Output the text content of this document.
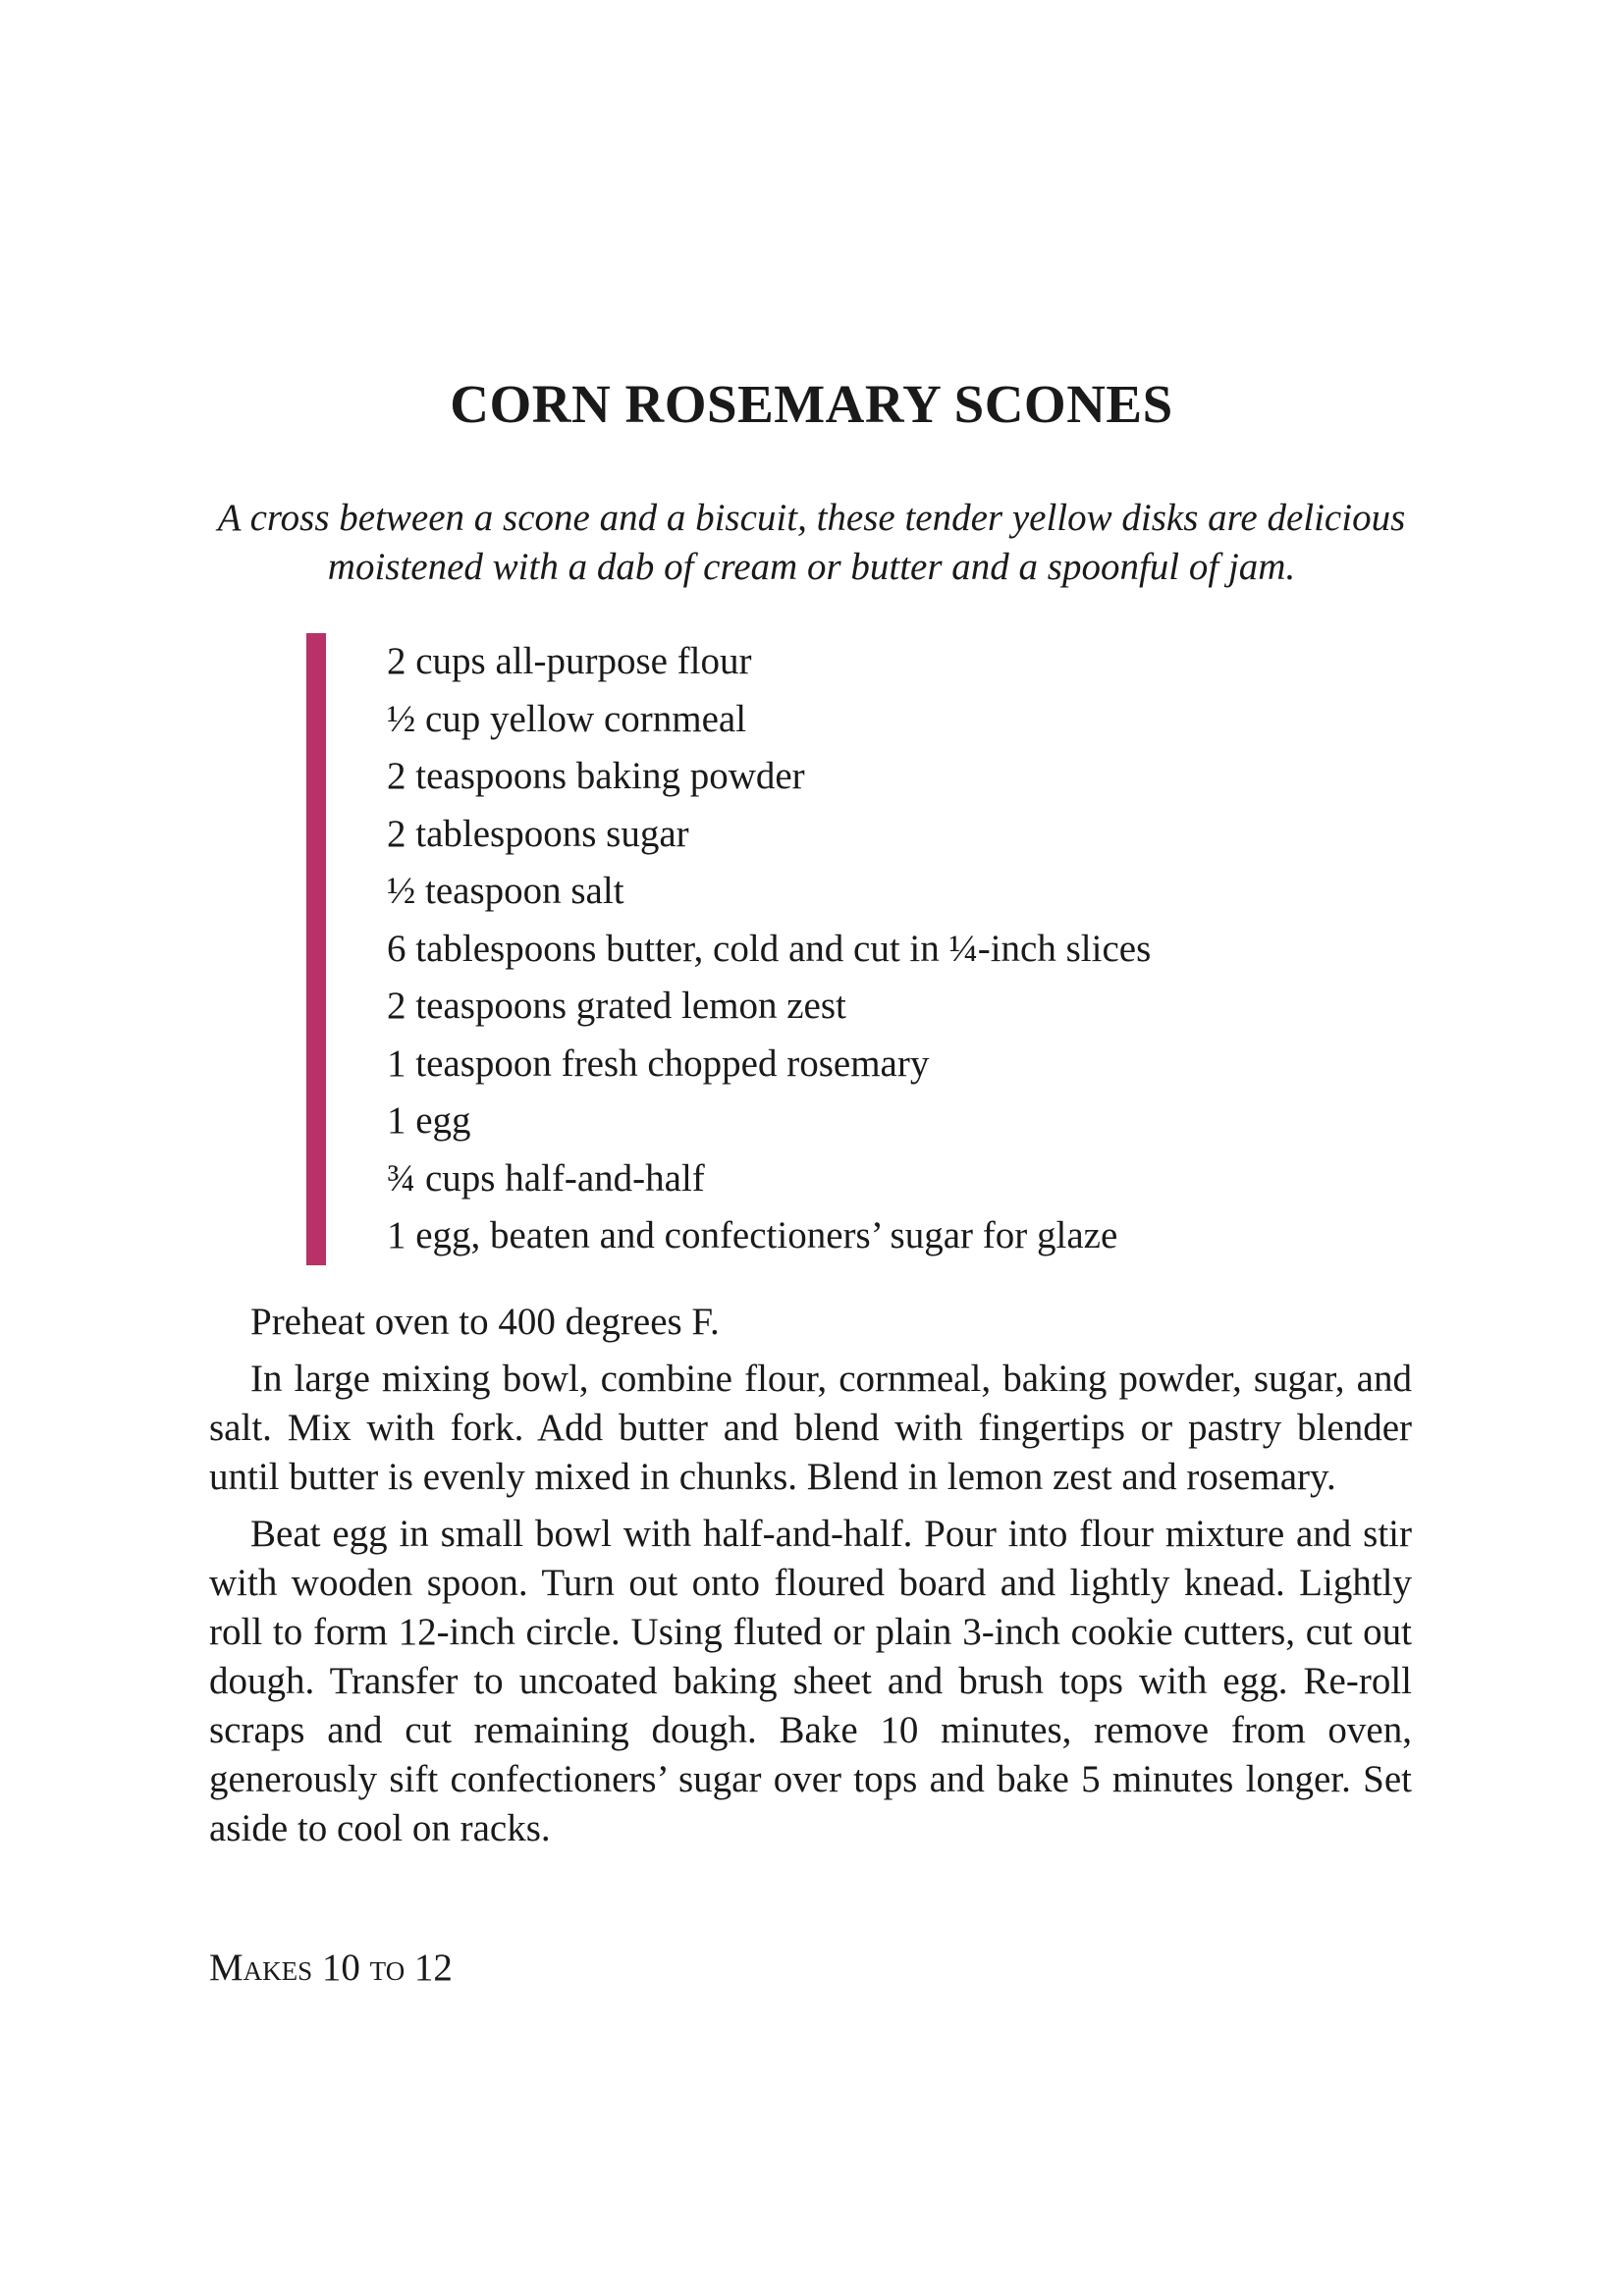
CORN ROSEMARY SCONES

A cross between a scone and a biscuit, these tender yellow disks are delicious moistened with a dab of cream or butter and a spoonful of jam.

2 cups all-purpose flour
½ cup yellow cornmeal
2 teaspoons baking powder
2 tablespoons sugar
½ teaspoon salt
6 tablespoons butter, cold and cut in ¼-inch slices
2 teaspoons grated lemon zest
1 teaspoon fresh chopped rosemary
1 egg
¾ cups half-and-half
1 egg, beaten and confectioners’ sugar for glaze

Preheat oven to 400 degrees F.

In large mixing bowl, combine flour, cornmeal, baking powder, sugar, and salt. Mix with fork. Add butter and blend with fingertips or pastry blender until butter is evenly mixed in chunks. Blend in lemon zest and rosemary.

Beat egg in small bowl with half-and-half. Pour into flour mixture and stir with wooden spoon. Turn out onto floured board and lightly knead. Lightly roll to form 12-inch circle. Using fluted or plain 3-inch cookie cutters, cut out dough. Transfer to uncoated baking sheet and brush tops with egg. Re-roll scraps and cut remaining dough. Bake 10 minutes, remove from oven, generously sift confectioners’ sugar over tops and bake 5 minutes longer. Set aside to cool on racks.

Makes 10 to 12
